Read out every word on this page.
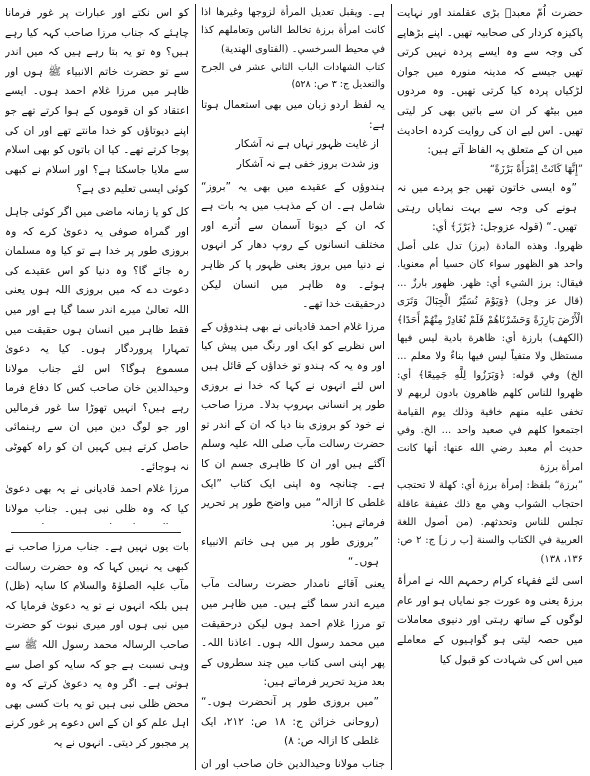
حضرت اُمّ معبدؓ بڑی عقلمند اور نہایت پاکیزہ کردار کی صحابیہ تھیں۔ اپنے بڑھاپے کی وجہ سے وہ ایسے پردہ نہیں کرتی تھیں جیسے کہ مدینہ منورہ میں جوان لڑکیاں پردہ کیا کرتی تھیں۔ وہ مردوں میں بیٹھ کر ان سے باتیں بھی کر لیتی تھیں۔ اس لیے ان کی روایت کردہ احادیث میں ان کے متعلق یہ الفاظ آتے ہیں:

”إِنَّهَا كَانَتْ اِمْرَأَةً بَرْزَةً“

”وہ ایسی خاتون تھیں جو پردے میں نہ ہونے کی وجہ سے بہت نمایاں رہتی تھیں۔“ (قولہ عزوجل: ﴿بَرْزَ﴾ أي:

ظهروا. وهذه المادة (برز) تدل على أصل واحد هو الظهور سواء كان حسيا أم معنويا. فيقال: برز الشيء أي: ظهر. ظهور بارزٌ ... (قال عز وجل) ﴿وَيَوْمَ نُسَيِّرُ الْجِبَالَ وَتَرَى الْأَرْضَ بَارِزَةً وَحَشَرْنَاهُمْ فَلَمْ نُغَادِرْ مِنْهُمْ أَحَدًا﴾ (الكهف) بارزة أي: ظاهرة بادية ليس فيها مستظل ولا متفياً ليس فيها بناءٌ ولا معلم ... الخ) وفي قوله: ﴿وَبَرَزُوا لِلَّهِ جَمِيعًا﴾ أي: ظهروا للناس كلهم ظاهرون بادون لربهم لا تخفى عليه منهم خافية وذلك يوم القيامة اجتمعوا كلهم في صعيد واحد ... الخ. وفي حديث أم معبد رضي الله عنها: أنها كانت امرأة برزة

”برزة“ بلفظ: إمرأة برزة أي: كهلة لا تحتجب احتجاب الشواب وهي مع ذلك عفيفة عاقلة تجلس للناس وتحدثهم. (من أصول اللغة العربية في الكتاب والسنة [ب ر ز] ج: ۲ ص: ۱۳۶، ۱۳۸)

اسی لئے فقہاء کرام رحمہم اللہ نے امرأۃ برزۃ یعنی وہ عورت جو نمایاں ہو اور عام لوگوں کے ساتھ رہتی اور دنیوی معاملات میں حصہ لیتی ہو گواہیوں کے معاملے میں اس کی شہادت کو قبول کیا

ہے۔ ويقبل تعديل المرأة لزوجها وغيرها اذا كانت امرأة برزة تخالط الناس وتعاملهم كذا في محيط السرخسي۔ (الفتاوى الهندية)

كتاب الشهادات الباب الثاني عشر في الجرح والتعديل ج: ۳ ص: ۵۲۸)

یہ لفظ اردو زبان میں بھی استعمال ہوتا ہے:

از غایت ظہور نہاں ہے نہ آشکار

وز شدت بروز خفی ہے نہ آشکار

ہندوؤں کے عقیدے میں بھی یہ ”بروز“ شامل ہے۔ ان کے مذہب میں یہ بات ہے کہ ان کے دیوتا آسمان سے اُترے اور مختلف انسانوں کے روپ دھار کر انہوں نے دنیا میں بروز یعنی ظہور پا کر ظاہر ہوئے۔ وہ ظاہر میں انسان لیکن درحقیقت خدا تھے۔

مرزا غلام احمد قادیانی نے بھی ہندوؤں کے اس نظریے کو ایک اور رنگ میں پیش کیا اور وہ یہ کہ ہندو تو خداؤں کے قائل ہیں اس لئے انہوں نے کہا کہ خدا نے بروزی طور پر انسانی بہروپ بدلا۔ مرزا صاحب نے خود کو بروزی بنا دیا کہ ان کے اندر تو حضرت رسالت مآب صلی اللہ علیہ وسلم آگئے ہیں اور ان کا ظاہری جسم ان کا ہے۔ چنانچہ وہ اپنی ایک کتاب ”ایک غلطی کا ازالہ“ میں واضح طور پر تحریر فرماتے ہیں:

”بروزی طور پر میں ہی خاتم الانبیاء ہوں۔“

یعنی آقائے نامدار حضرت رسالت مآب میرے اندر سما گئے ہیں۔ میں ظاہر میں تو مرزا غلام احمد ہوں لیکن درحقیقت میں محمد رسول اللہ ہوں۔ اعاذنا اللہ۔ پھر اپنی اسی کتاب میں چند سطروں کے بعد مزید تحریر فرماتے ہیں:

”میں بروزی طور پر آنحضرت ہوں۔“ (روحانی خزائن ج: ۱۸ ص: ۲۱۲، ایک غلطی کا ازالہ ص: ۸)

جناب مولانا وحیدالدین خان صاحب اور ان

کو اس نکتے اور عبارات پر غور فرمانا چاہئے کہ جناب مرزا صاحب کہہ کیا رہے ہیں؟ وہ تو یہ بتا رہے ہیں کہ میں اندر سے تو حضرت خاتم الانبیاء ﷺ ہوں اور ظاہر میں مرزا غلام احمد ہوں۔ ایسے اعتقاد کو ان قوموں کے ہوا کرتے تھے جو اپنے دیوتاؤں کو خدا مانتے تھے اور ان کی پوجا کرتے تھے۔ کیا ان باتوں کو بھی اسلام سے ملایا جاسکتا ہے؟ اور اسلام نے کبھی کوئی ایسی تعلیم دی ہے؟

کل کو یا زمانہ ماضی میں اگر کوئی جاہل اور گمراہ صوفی یہ دعویٰ کرے کہ وہ بروزی طور پر خدا ہے تو کیا وہ مسلمان رہ جائے گا؟ وہ دنیا کو اس عقیدے کی دعوت دے کہ میں بروزی اللہ ہوں یعنی اللہ تعالیٰ میرے اندر سما گیا ہے اور میں فقط ظاہر میں انسان ہوں حقیقت میں تمہارا پروردگار ہوں۔ کیا یہ دعویٰ مسموع ہوگا؟ اس لئے جناب مولانا وحیدالدین خان صاحب کس کا دفاع فرما رہے ہیں؟ انہیں تھوڑا سا غور فرمالیں اور جو لوگ دین میں ان سے رہنمائی حاصل کرتے ہیں کہیں ان کو راہ کھوٹی نہ ہوجائے۔

مرزا غلام احمد قادیانی نے یہ بھی دعویٰ کیا کہ وہ ظلی نبی ہیں۔ جناب مولانا

بات یوں نہیں ہے۔ جناب مرزا صاحب نے کبھی یہ نہیں کہا کہ وہ حضرت رسالت مآب علیہ الصلوٰۃ والسلام کا سایہ (ظل) ہیں بلکہ انہوں نے تو یہ دعویٰ فرمایا کہ میں نبی ہوں اور میری نبوت کو حضرت صاحب الرسالہ محمد رسول اللہ ﷺ سے وہی نسبت ہے جو کہ سایہ کو اصل سے ہوتی ہے۔ اگر وہ یہ دعویٰ کرتے کہ وہ محض ظلی نبی ہیں تو یہ بات کسی بھی اہل علم کو ان کے اس دعوے پر غور کرنے پر مجبور کر دیتی۔ انہوں نے یہ
